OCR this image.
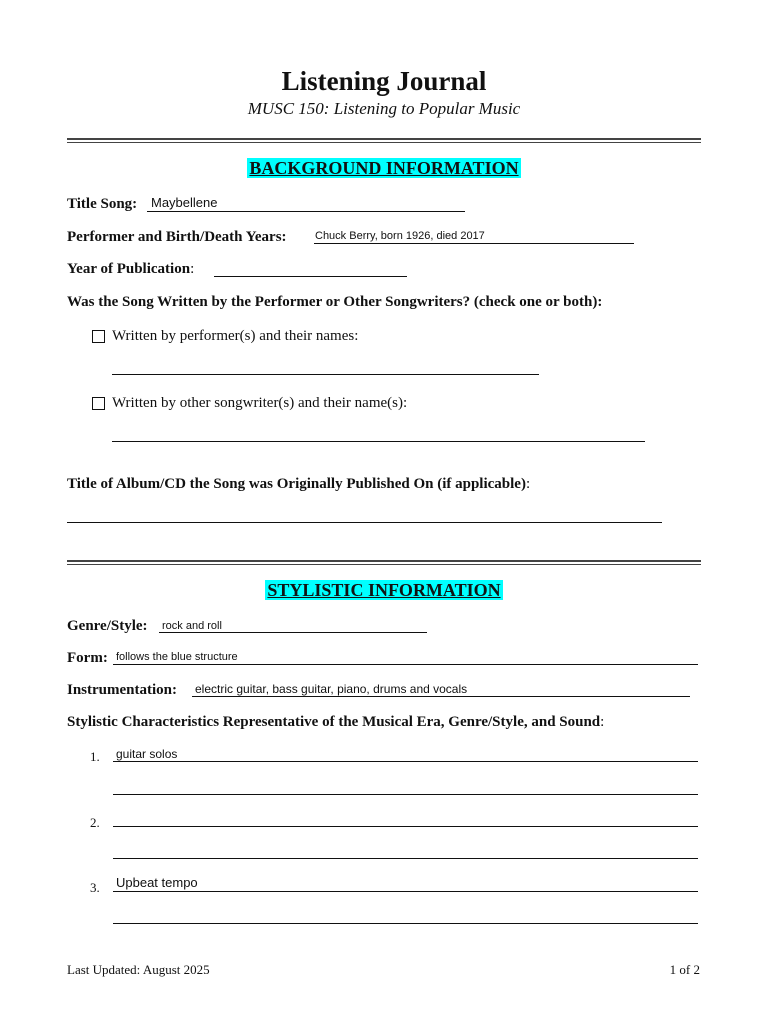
Listening Journal
MUSC 150: Listening to Popular Music
BACKGROUND INFORMATION
Title Song: Maybellene
Performer and Birth/Death Years:	Chuck Berry, born 1926, died 2017
Year of Publication:
Was the Song Written by the Performer or Other Songwriters? (check one or both):
Written by performer(s) and their names:
Written by other songwriter(s) and their name(s):
Title of Album/CD the Song was Originally Published On (if applicable):
STYLISTIC INFORMATION
Genre/Style: rock and roll
Form: follows the blue structure
Instrumentation: electric guitar, bass guitar, piano, drums and vocals
Stylistic Characteristics Representative of the Musical Era, Genre/Style, and Sound:
1. guitar solos
2.
3. Upbeat tempo
Last Updated: August 2025	1 of 2
